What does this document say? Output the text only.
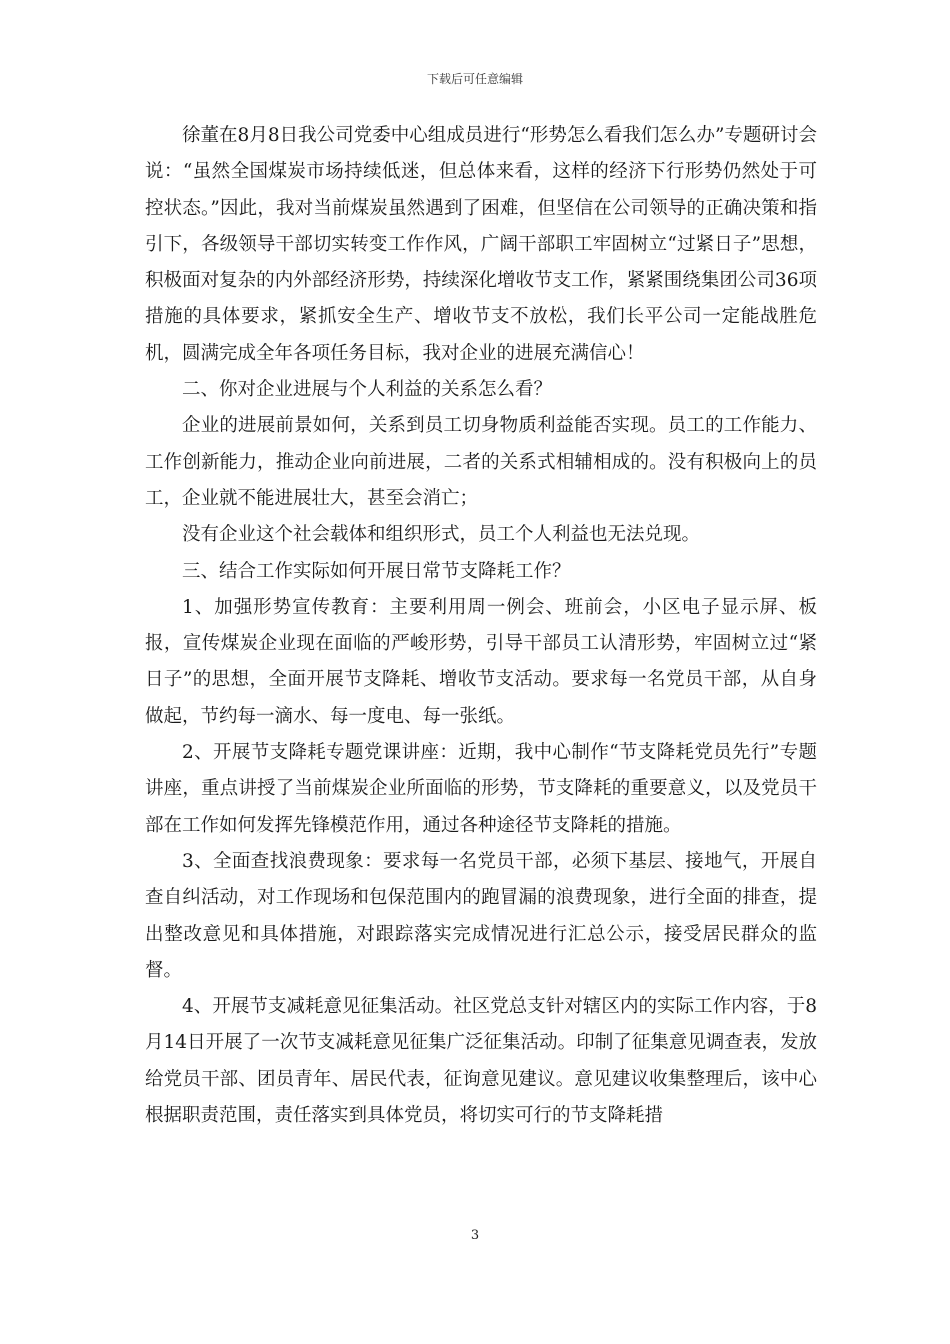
下载后可任意编辑

徐董在8月8日我公司党委中心组成员进行“形势怎么看我们怎么办”专题研讨会说：“虽然全国煤炭市场持续低迷，但总体来看，这样的经济下行形势仍然处于可控状态。”因此，我对当前煤炭虽然遇到了困难，但坚信在公司领导的正确决策和指引下，各级领导干部切实转变工作作风，广阔干部职工牢固树立“过紧日子”思想，积极面对复杂的内外部经济形势，持续深化增收节支工作，紧紧围绕集团公司36项措施的具体要求，紧抓安全生产、增收节支不放松，我们长平公司一定能战胜危机，圆满完成全年各项任务目标，我对企业的进展充满信心！

二、你对企业进展与个人利益的关系怎么看？

企业的进展前景如何，关系到员工切身物质利益能否实现。员工的工作能力、工作创新能力，推动企业向前进展，二者的关系式相辅相成的。没有积极向上的员工，企业就不能进展壮大，甚至会消亡；

没有企业这个社会载体和组织形式，员工个人利益也无法兑现。

三、结合工作实际如何开展日常节支降耗工作？

1、加强形势宣传教育：主要利用周一例会、班前会，小区电子显示屏、板报，宣传煤炭企业现在面临的严峻形势，引导干部员工认清形势，牢固树立过“紧日子”的思想，全面开展节支降耗、增收节支活动。要求每一名党员干部，从自身做起，节约每一滴水、每一度电、每一张纸。

2、开展节支降耗专题党课讲座：近期，我中心制作“节支降耗党员先行”专题讲座，重点讲授了当前煤炭企业所面临的形势，节支降耗的重要意义，以及党员干部在工作如何发挥先锋模范作用，通过各种途径节支降耗的措施。

3、全面查找浪费现象：要求每一名党员干部，必须下基层、接地气，开展自查自纠活动，对工作现场和包保范围内的跑冒漏的浪费现象，进行全面的排查，提出整改意见和具体措施，对跟踪落实完成情况进行汇总公示，接受居民群众的监督。

4、开展节支减耗意见征集活动。社区党总支针对辖区内的实际工作内容，于8月14日开展了一次节支减耗意见征集广泛征集活动。印制了征集意见调查表，发放给党员干部、团员青年、居民代表，征询意见建议。意见建议收集整理后，该中心根据职责范围，责任落实到具体党员，将切实可行的节支降耗措

3
